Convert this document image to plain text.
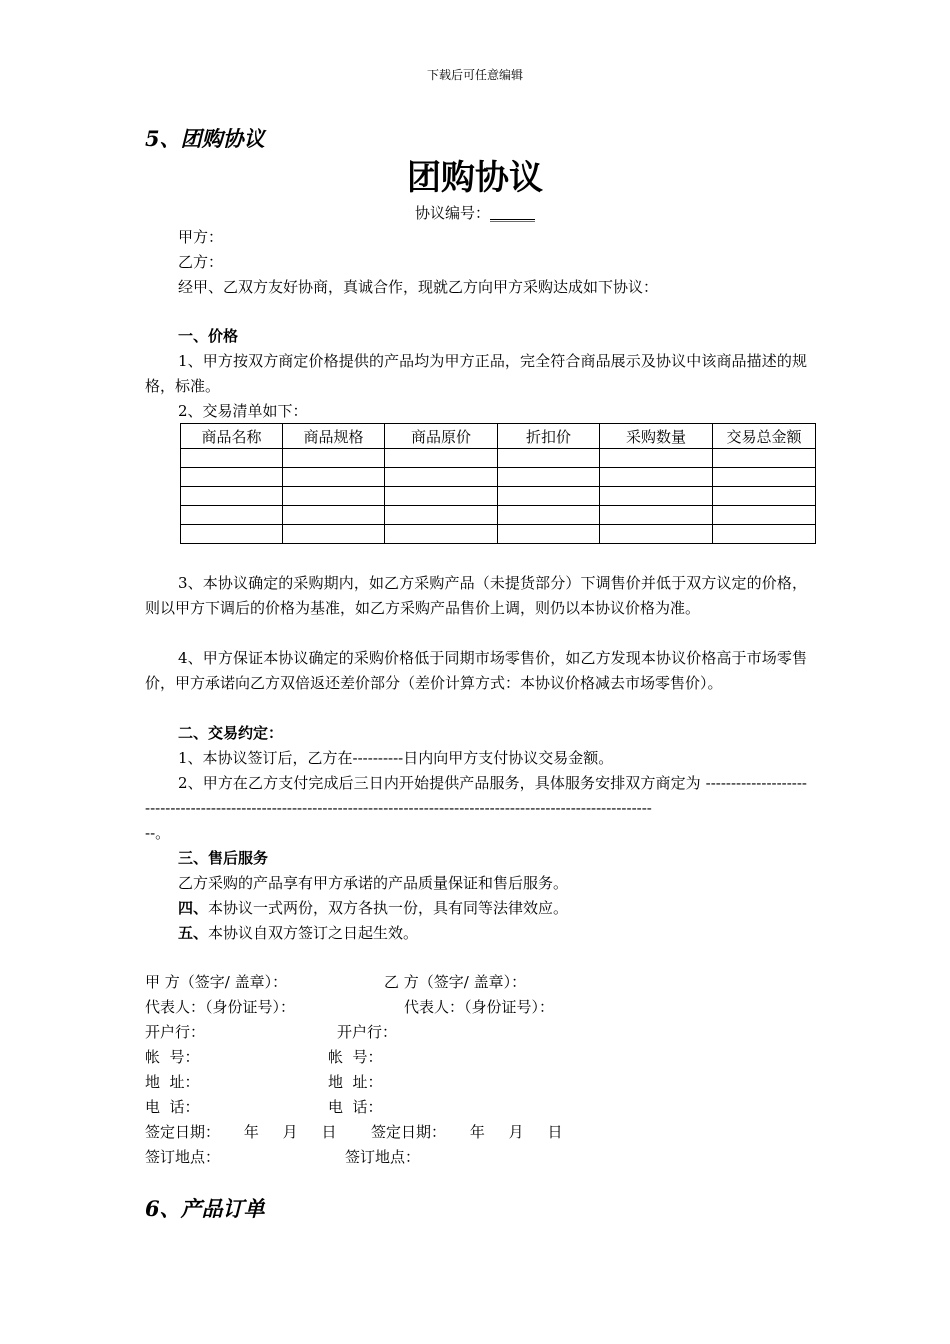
下载后可任意编辑
5、团购协议
团购协议
协议编号：______
甲方：
乙方：
经甲、乙双方友好协商，真诚合作，现就乙方向甲方采购达成如下协议：
一、价格
1、甲方按双方商定价格提供的产品均为甲方正品，完全符合商品展示及协议中该商品描述的规格，标准。
2、交易清单如下：
商品名称	商品规格	商品原价	折扣价	采购数量	交易总金额

3、本协议确定的采购期内，如乙方采购产品（未提货部分）下调售价并低于双方议定的价格，则以甲方下调后的价格为基准，如乙方采购产品售价上调，则仍以本协议价格为准。
4、甲方保证本协议确定的采购价格低于同期市场零售价，如乙方发现本协议价格高于市场零售价，甲方承诺向乙方双倍返还差价部分（差价计算方式：本协议价格减去市场零售价）。
二、交易约定：
1、本协议签订后，乙方在----------日内向甲方支付协议交易金额。
2、甲方在乙方支付完成后三日内开始提供产品服务，具体服务安排双方商定为 ------------------------------------------------------------------------------------------------------------------------
--。
三、售后服务
乙方采购的产品享有甲方承诺的产品质量保证和售后服务。
四、本协议一式两份，双方各执一份，具有同等法律效应。
五、本协议自双方签订之日起生效。
甲 方（签字/ 盖章）：	乙 方（签字/ 盖章）：
代表人：（身份证号）：	代表人：（身份证号）：
开户行：	开户行：
帐  号：	帐  号：
地  址：	地  址：
电  话：	电  话：
签定日期：     年     月     日 签定日期：     年     月     日
签订地点：	签订地点：
6、产品订单
